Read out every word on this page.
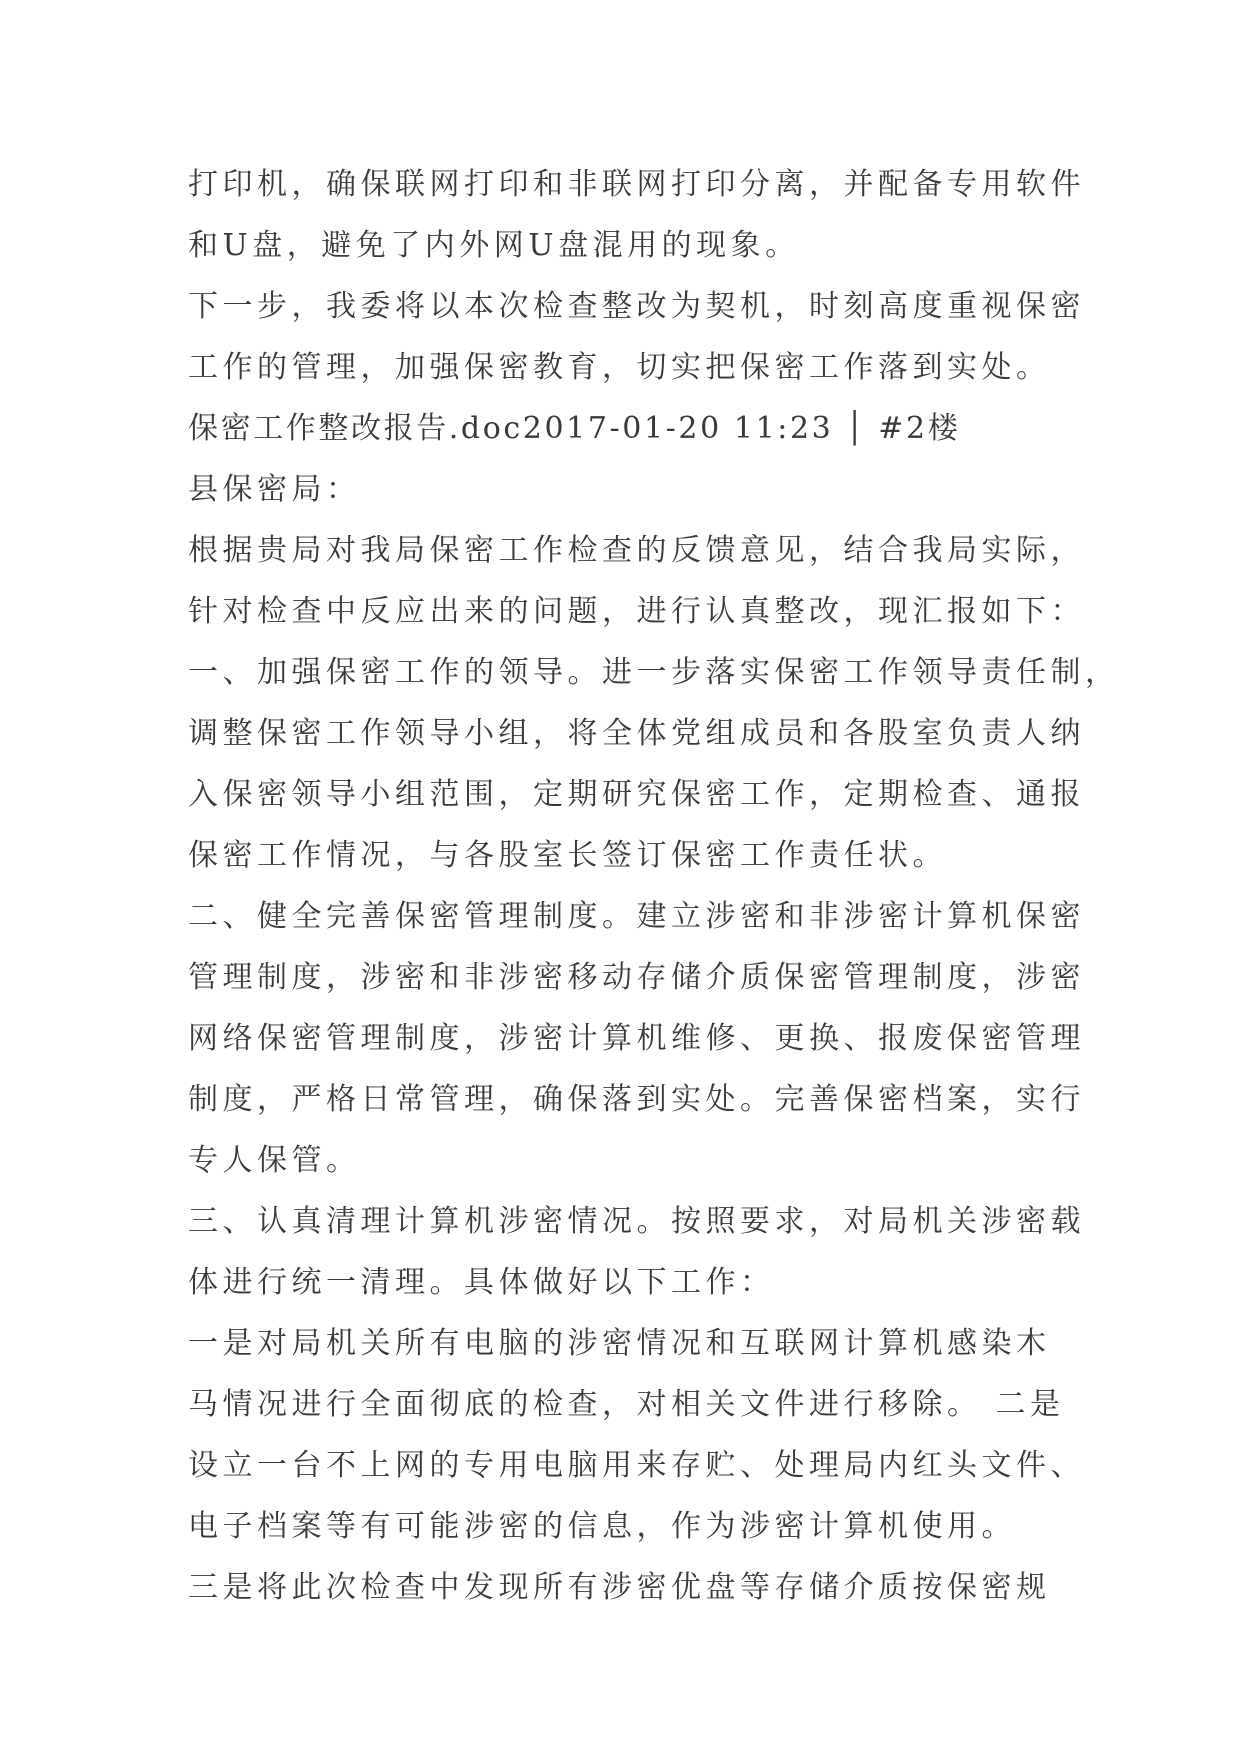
打印机，确保联网打印和非联网打印分离，并配备专用软件
和U盘，避免了内外网U盘混用的现象。
下一步，我委将以本次检查整改为契机，时刻高度重视保密
工作的管理，加强保密教育，切实把保密工作落到实处。
保密工作整改报告.doc2017-01-20 11:23 │ #2楼
县保密局：
根据贵局对我局保密工作检查的反馈意见，结合我局实际，
针对检查中反应出来的问题，进行认真整改，现汇报如下：
一、加强保密工作的领导。进一步落实保密工作领导责任制，
调整保密工作领导小组，将全体党组成员和各股室负责人纳
入保密领导小组范围，定期研究保密工作，定期检查、通报
保密工作情况，与各股室长签订保密工作责任状。
二、健全完善保密管理制度。建立涉密和非涉密计算机保密
管理制度，涉密和非涉密移动存储介质保密管理制度，涉密
网络保密管理制度，涉密计算机维修、更换、报废保密管理
制度，严格日常管理，确保落到实处。完善保密档案，实行
专人保管。
三、认真清理计算机涉密情况。按照要求，对局机关涉密载
体进行统一清理。具体做好以下工作：
一是对局机关所有电脑的涉密情况和互联网计算机感染木
马情况进行全面彻底的检查，对相关文件进行移除。 二是
设立一台不上网的专用电脑用来存贮、处理局内红头文件、
电子档案等有可能涉密的信息，作为涉密计算机使用。
三是将此次检查中发现所有涉密优盘等存储介质按保密规
